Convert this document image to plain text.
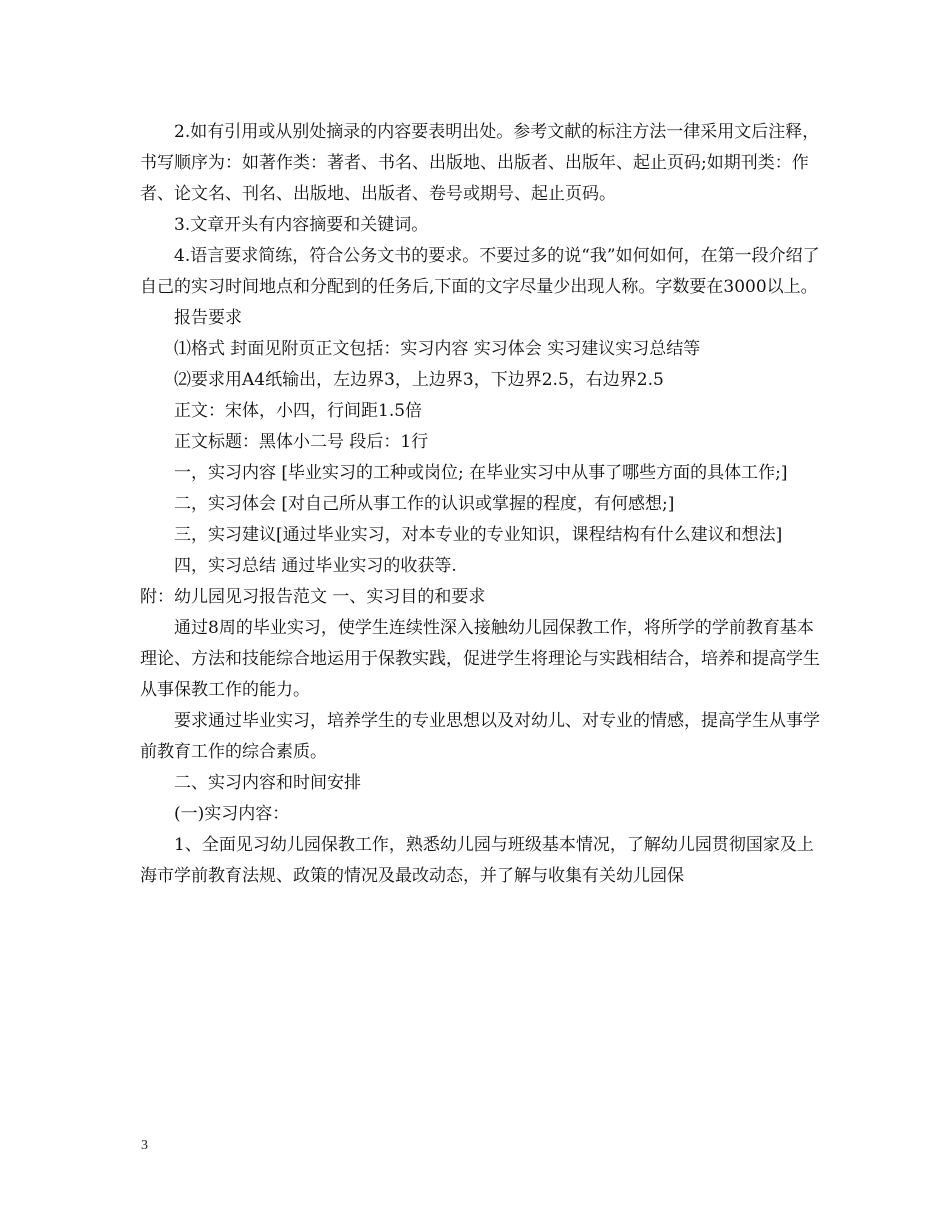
2.如有引用或从别处摘录的内容要表明出处。参考文献的标注方法一律采用文后注释，书写顺序为：如著作类：著者、书名、出版地、出版者、出版年、起止页码;如期刊类：作者、论文名、刊名、出版地、出版者、卷号或期号、起止页码。

3.文章开头有内容摘要和关键词。

4.语言要求简练，符合公务文书的要求。不要过多的说“我”如何如何，在第一段介绍了自己的实习时间地点和分配到的任务后,下面的文字尽量少出现人称。字数要在3000以上。

报告要求

⑴格式 封面见附页正文包括：实习内容 实习体会 实习建议实习总结等

⑵要求用A4纸输出，左边界3，上边界3，下边界2.5，右边界2.5

正文：宋体，小四，行间距1.5倍

正文标题：黑体小二号 段后：1行

一，实习内容 [毕业实习的工种或岗位; 在毕业实习中从事了哪些方面的具体工作;]

二，实习体会 [对自己所从事工作的认识或掌握的程度，有何感想;]

三，实习建议[通过毕业实习，对本专业的专业知识，课程结构有什么建议和想法]

四，实习总结 通过毕业实习的收获等.

附：幼儿园见习报告范文 一、实习目的和要求

通过8周的毕业实习，使学生连续性深入接触幼儿园保教工作，将所学的学前教育基本理论、方法和技能综合地运用于保教实践，促进学生将理论与实践相结合，培养和提高学生从事保教工作的能力。

要求通过毕业实习，培养学生的专业思想以及对幼儿、对专业的情感，提高学生从事学前教育工作的综合素质。

二、实习内容和时间安排

(一)实习内容：

1、全面见习幼儿园保教工作，熟悉幼儿园与班级基本情况，了解幼儿园贯彻国家及上海市学前教育法规、政策的情况及最改动态，并了解与收集有关幼儿园保

3
